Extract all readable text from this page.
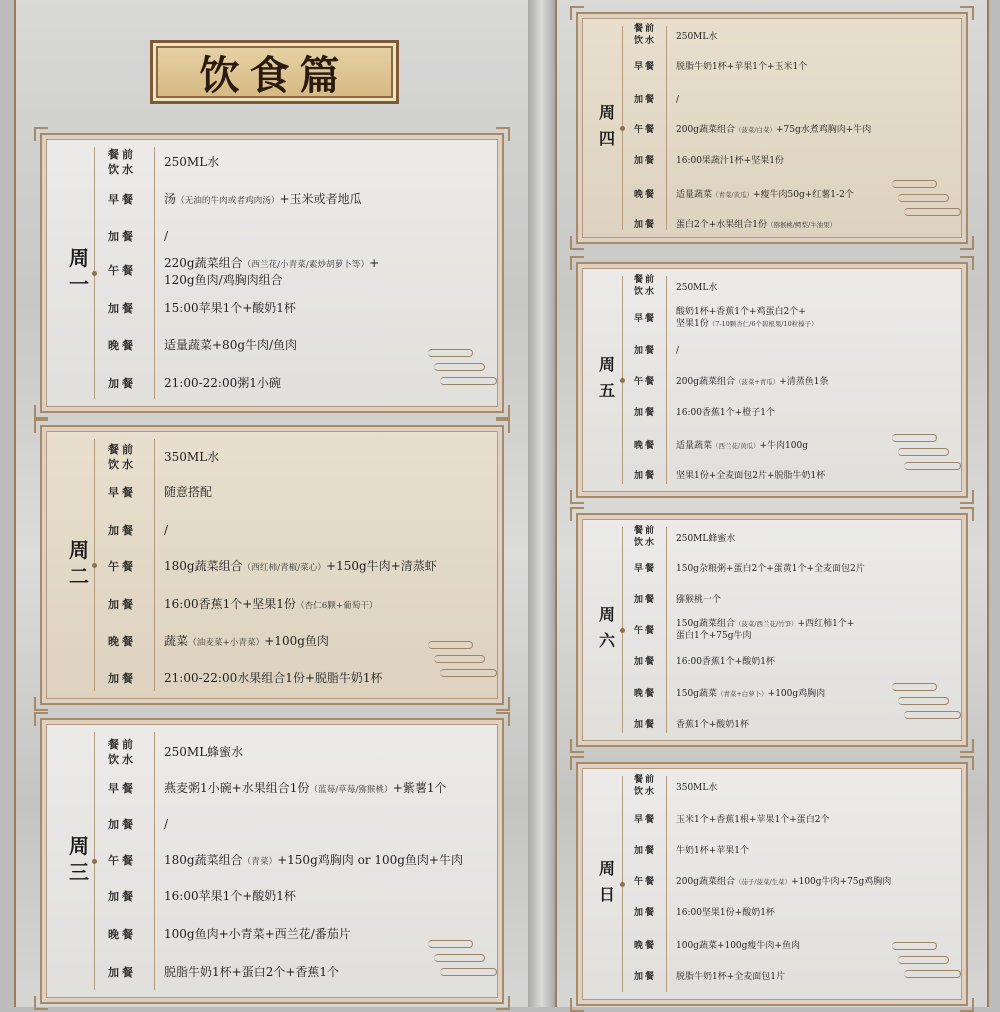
饮食篇
周
一
餐前饮水
250ML水
早餐	汤（无油的牛肉或者鸡肉汤）+玉米或者地瓜
加餐	/
午餐
220g蔬菜组合（西兰花/小青菜/素炒胡萝卜等）+
120g鱼肉/鸡胸肉组合
加餐	15:00苹果1个+酸奶1杯
晚餐	适量蔬菜+80g牛肉/鱼肉
加餐	21:00-22:00粥1小碗
周
二
餐前饮水
350ML水
早餐	随意搭配
加餐	/
午餐	180g蔬菜组合（西红柿/青椒/菜心）+150g牛肉+清蒸虾
加餐	16:00香蕉1个+坚果1份（杏仁6颗+葡萄干）
晚餐	蔬菜（油麦菜+小青菜）+100g鱼肉
加餐	21:00-22:00水果组合1份+脱脂牛奶1杯
周
三
餐前饮水
250ML蜂蜜水
早餐	燕麦粥1小碗+水果组合1份（蓝莓/草莓/猕猴桃）+紫薯1个
加餐	/
午餐	180g蔬菜组合（青菜）+150g鸡胸肉 or 100g鱼肉+牛肉
加餐	16:00苹果1个+酸奶1杯
晚餐	100g鱼肉+小青菜+西兰花/番茄片
加餐	脱脂牛奶1杯+蛋白2个+香蕉1个
周
四
餐前饮水 250ML水
早餐	脱脂牛奶1杯+苹果1个+玉米1个
加餐	/
午餐	200g蔬菜组合（菠菜/白菜）+75g水煮鸡胸肉+牛肉
加餐	16:00果蔬汁1杯+坚果1份
晚餐	适量蔬菜（青菜/黄瓜）+瘦牛肉50g+红薯1-2个
加餐	蛋白2个+水果组合1份（猕猴桃/鳄梨/牛油果）
周
五
餐前饮水 250ML水
早餐
酸奶1杯+香蕉1个+鸡蛋白2个+
坚果1份（7-10颗杏仁/6个碧根果/10粒榛子）
加餐	/
午餐	200g蔬菜组合（菠菜+青瓜）+清蒸鱼1条
加餐	16:00香蕉1个+橙子1个
晚餐	适量蔬菜（西兰花/黄瓜）+牛肉100g
加餐	坚果1份+全麦面包2片+脱脂牛奶1杯
周
六
餐前饮水 250ML蜂蜜水
早餐	150g杂粮粥+蛋白2个+蛋黄1个+全麦面包2片
加餐	猕猴桃一个
午餐
150g蔬菜组合（菠菜/西兰花/竹笋）+西红柿1个+
蛋白1个+75g牛肉
加餐	16:00香蕉1个+酸奶1杯
晚餐	150g蔬菜（青菜+白萝卜）+100g鸡胸肉
加餐	香蕉1个+酸奶1杯
周
日
餐前饮水 350ML水
早餐	玉米1个+香蕉1根+苹果1个+蛋白2个
加餐	牛奶1杯+苹果1个
午餐	200g蔬菜组合（茄子/菠菜/生菜）+100g牛肉+75g鸡胸肉
加餐	16:00坚果1份+酸奶1杯
晚餐	100g蔬菜+100g瘦牛肉+鱼肉
加餐	脱脂牛奶1杯+全麦面包1片
